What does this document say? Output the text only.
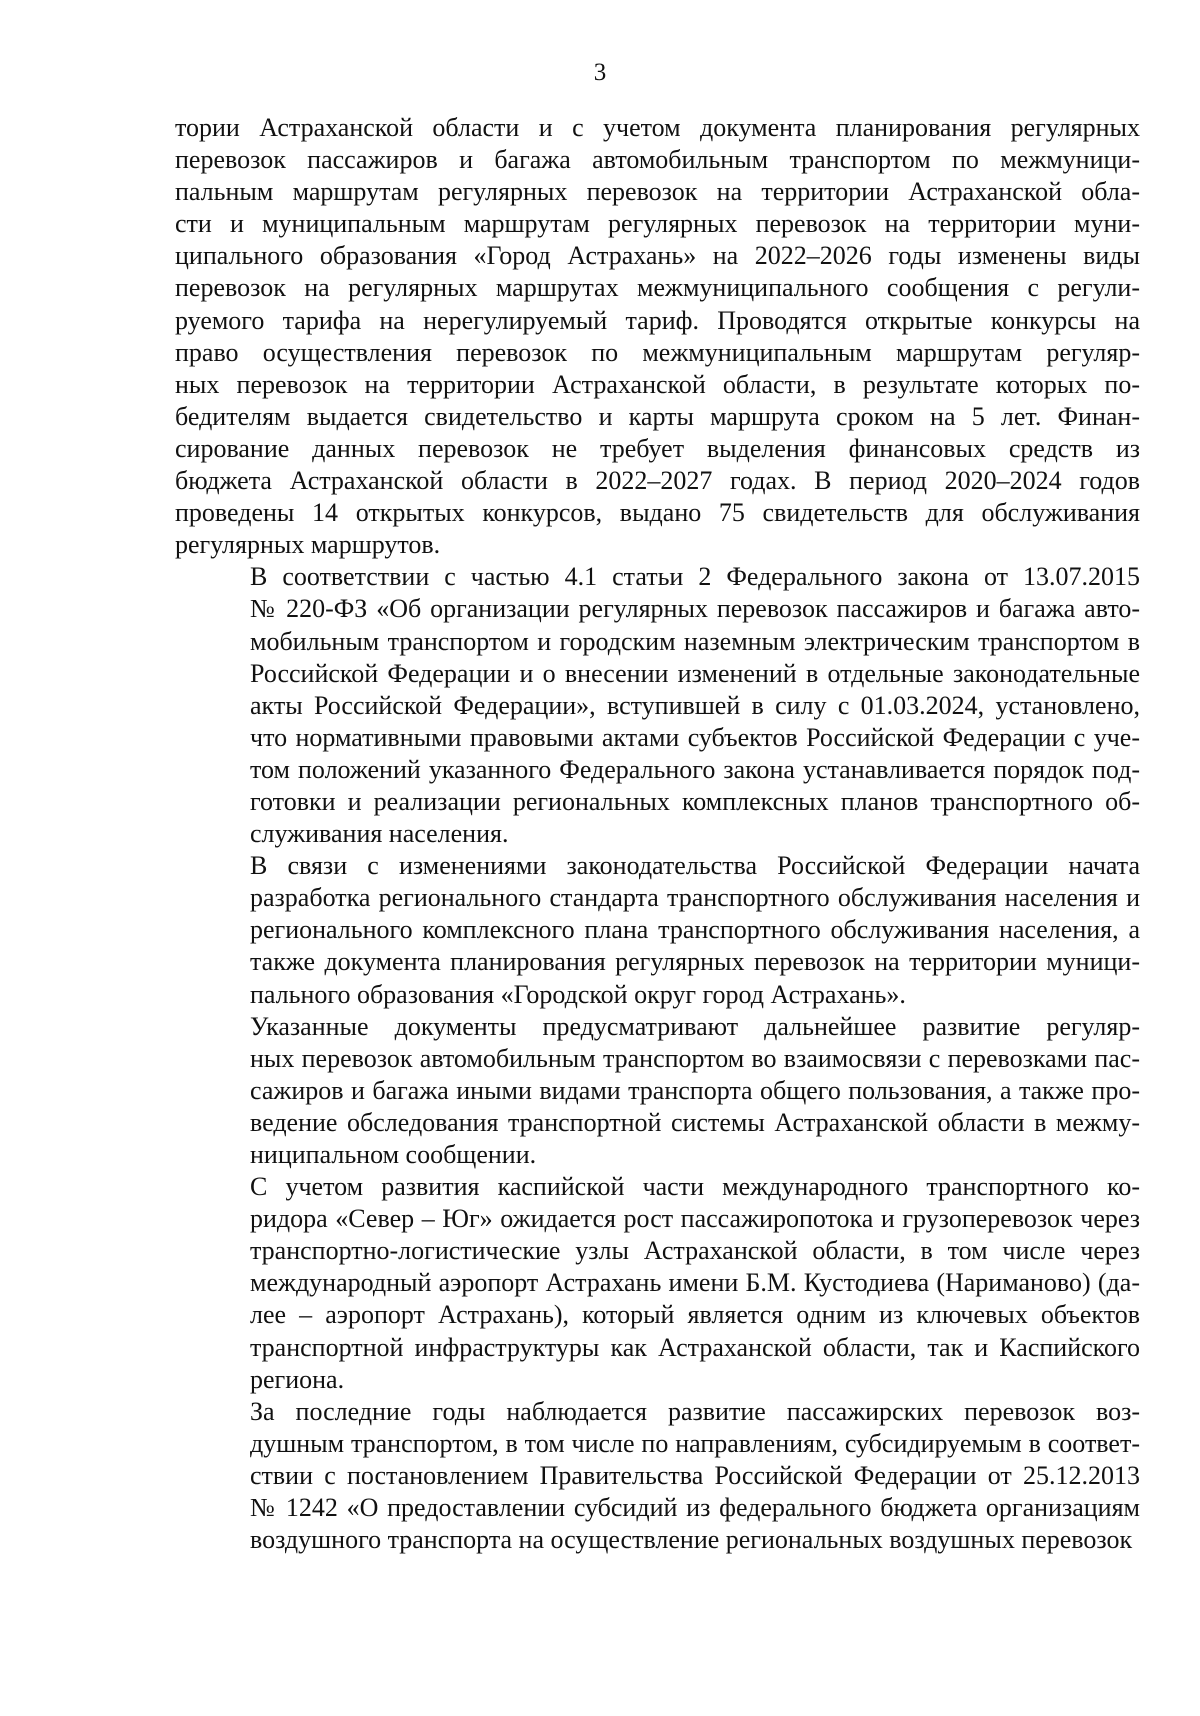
3

тории Астраханской области и с учетом документа планирования регулярных
перевозок пассажиров и багажа автомобильным транспортом по межмуници-
пальным маршрутам регулярных перевозок на территории Астраханской обла-
сти и муниципальным маршрутам регулярных перевозок на территории муни-
ципального образования «Город Астрахань» на 2022–2026 годы изменены виды
перевозок на регулярных маршрутах межмуниципального сообщения с регули-
руемого тарифа на нерегулируемый тариф. Проводятся открытые конкурсы на
право осуществления перевозок по межмуниципальным маршрутам регуляр-
ных перевозок на территории Астраханской области, в результате которых по-
бедителям выдается свидетельство и карты маршрута сроком на 5 лет. Финан-
сирование данных перевозок не требует выделения финансовых средств из
бюджета Астраханской области в 2022–2027 годах. В период 2020–2024 годов
проведены 14 открытых конкурсов, выдано 75 свидетельств для обслуживания
регулярных маршрутов.

В соответствии с частью 4.1 статьи 2 Федерального закона от 13.07.2015
№ 220-ФЗ «Об организации регулярных перевозок пассажиров и багажа авто-
мобильным транспортом и городским наземным электрическим транспортом в
Российской Федерации и о внесении изменений в отдельные законодательные
акты Российской Федерации», вступившей в силу с 01.03.2024, установлено,
что нормативными правовыми актами субъектов Российской Федерации с уче-
том положений указанного Федерального закона устанавливается порядок под-
готовки и реализации региональных комплексных планов транспортного об-
служивания населения.

В связи с изменениями законодательства Российской Федерации начата
разработка регионального стандарта транспортного обслуживания населения и
регионального комплексного плана транспортного обслуживания населения, а
также документа планирования регулярных перевозок на территории муници-
пального образования «Городской округ город Астрахань».

Указанные документы предусматривают дальнейшее развитие регуляр-
ных перевозок автомобильным транспортом во взаимосвязи с перевозками пас-
сажиров и багажа иными видами транспорта общего пользования, а также про-
ведение обследования транспортной системы Астраханской области в межму-
ниципальном сообщении.

С учетом развития каспийской части международного транспортного ко-
ридора «Север – Юг» ожидается рост пассажиропотока и грузоперевозок через
транспортно-логистические узлы Астраханской области, в том числе через
международный аэропорт Астрахань имени Б.М. Кустодиева (Нариманово) (да-
лее – аэропорт Астрахань), который является одним из ключевых объектов
транспортной инфраструктуры как Астраханской области, так и Каспийского
региона.

За последние годы наблюдается развитие пассажирских перевозок воз-
душным транспортом, в том числе по направлениям, субсидируемым в соответ-
ствии с постановлением Правительства Российской Федерации от 25.12.2013
№ 1242 «О предоставлении субсидий из федерального бюджета организациям
воздушного транспорта на осуществление региональных воздушных перевозок
